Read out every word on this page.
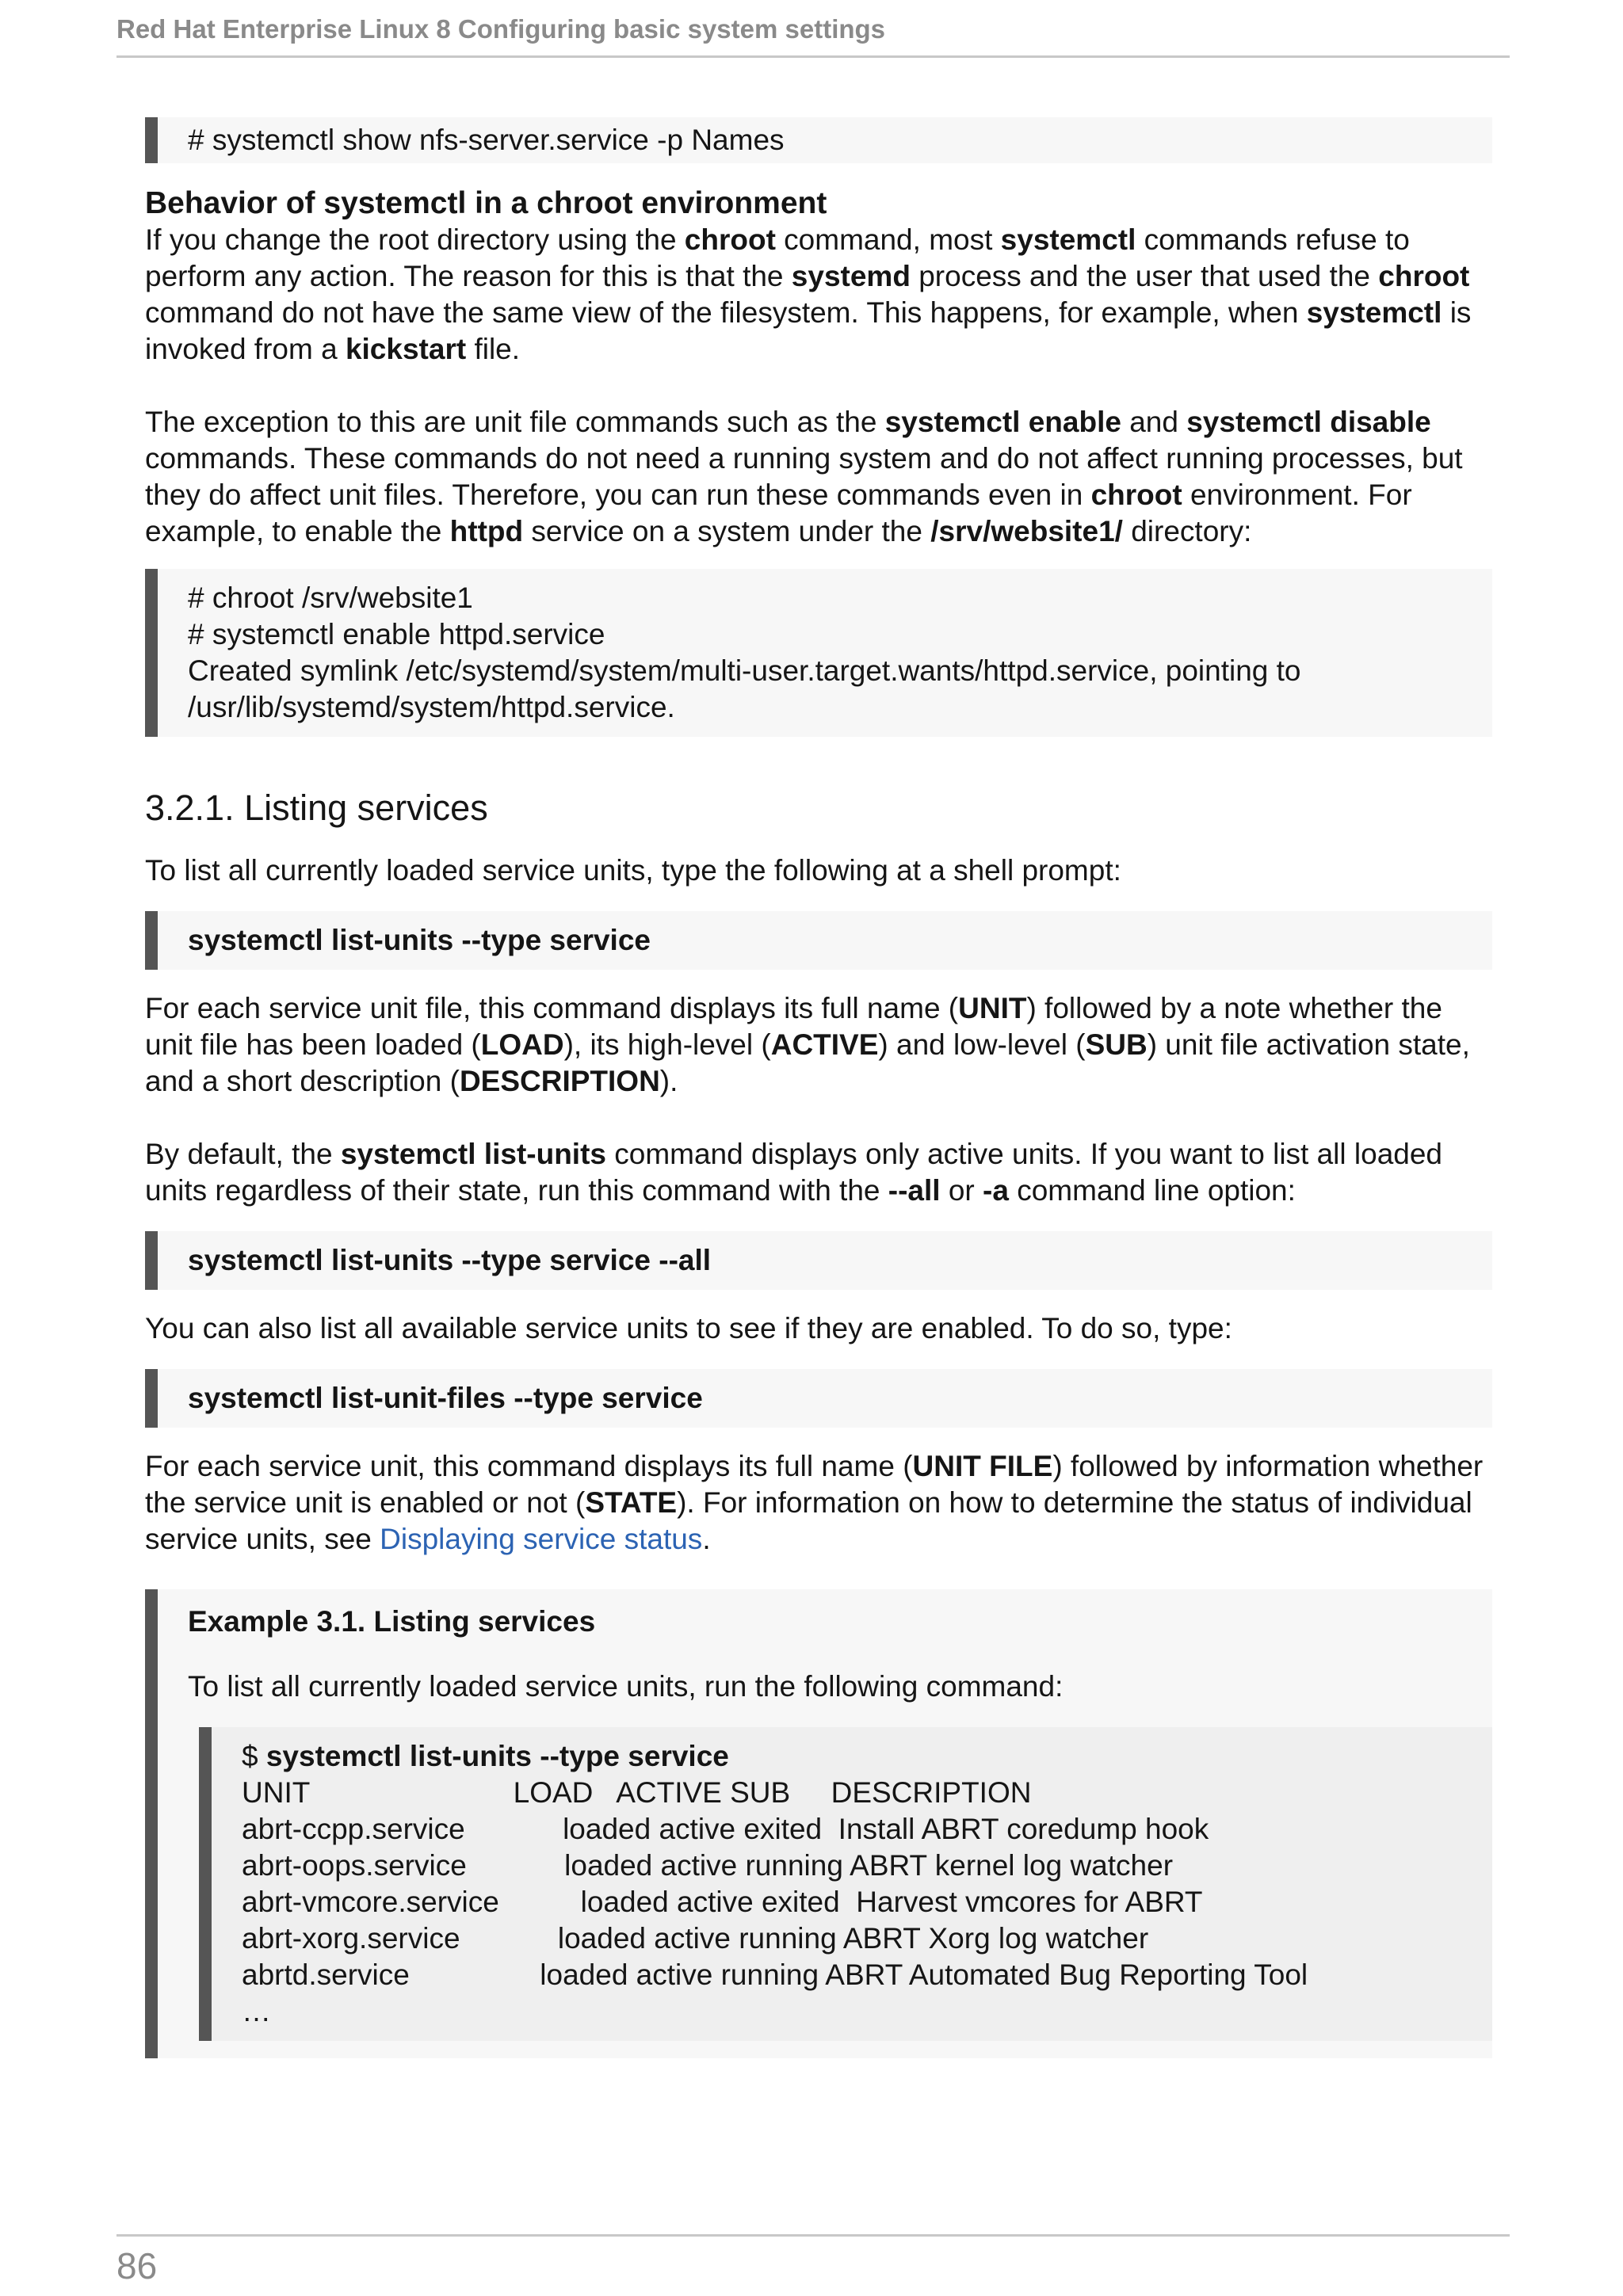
Red Hat Enterprise Linux 8 Configuring basic system settings
# systemctl show nfs-server.service -p Names
Behavior of systemctl in a chroot environment

If you change the root directory using the chroot command, most systemctl commands refuse to perform any action. The reason for this is that the systemd process and the user that used the chroot command do not have the same view of the filesystem. This happens, for example, when systemctl is invoked from a kickstart file.

The exception to this are unit file commands such as the systemctl enable and systemctl disable commands. These commands do not need a running system and do not affect running processes, but they do affect unit files. Therefore, you can run these commands even in chroot environment. For example, to enable the httpd service on a system under the /srv/website1/ directory:

# chroot /srv/website1
# systemctl enable httpd.service
Created symlink /etc/systemd/system/multi-user.target.wants/httpd.service, pointing to
/usr/lib/systemd/system/httpd.service.
3.2.1. Listing services

To list all currently loaded service units, type the following at a shell prompt:

systemctl list-units --type service

For each service unit file, this command displays its full name (UNIT) followed by a note whether the unit file has been loaded (LOAD), its high-level (ACTIVE) and low-level (SUB) unit file activation state, and a short description (DESCRIPTION).

By default, the systemctl list-units command displays only active units. If you want to list all loaded units regardless of their state, run this command with the --all or -a command line option:

systemctl list-units --type service --all

You can also list all available service units to see if they are enabled. To do so, type:

systemctl list-unit-files --type service

For each service unit, this command displays its full name (UNIT FILE) followed by information whether the service unit is enabled or not (STATE). For information on how to determine the status of individual service units, see Displaying service status.

Example 3.1. Listing services

To list all currently loaded service units, run the following command:

$ systemctl list-units --type service
UNIT                         LOAD   ACTIVE SUB     DESCRIPTION
abrt-ccpp.service            loaded active exited  Install ABRT coredump hook
abrt-oops.service            loaded active running ABRT kernel log watcher
abrt-vmcore.service          loaded active exited  Harvest vmcores for ABRT
abrt-xorg.service            loaded active running ABRT Xorg log watcher
abrtd.service                loaded active running ABRT Automated Bug Reporting Tool
…
86
